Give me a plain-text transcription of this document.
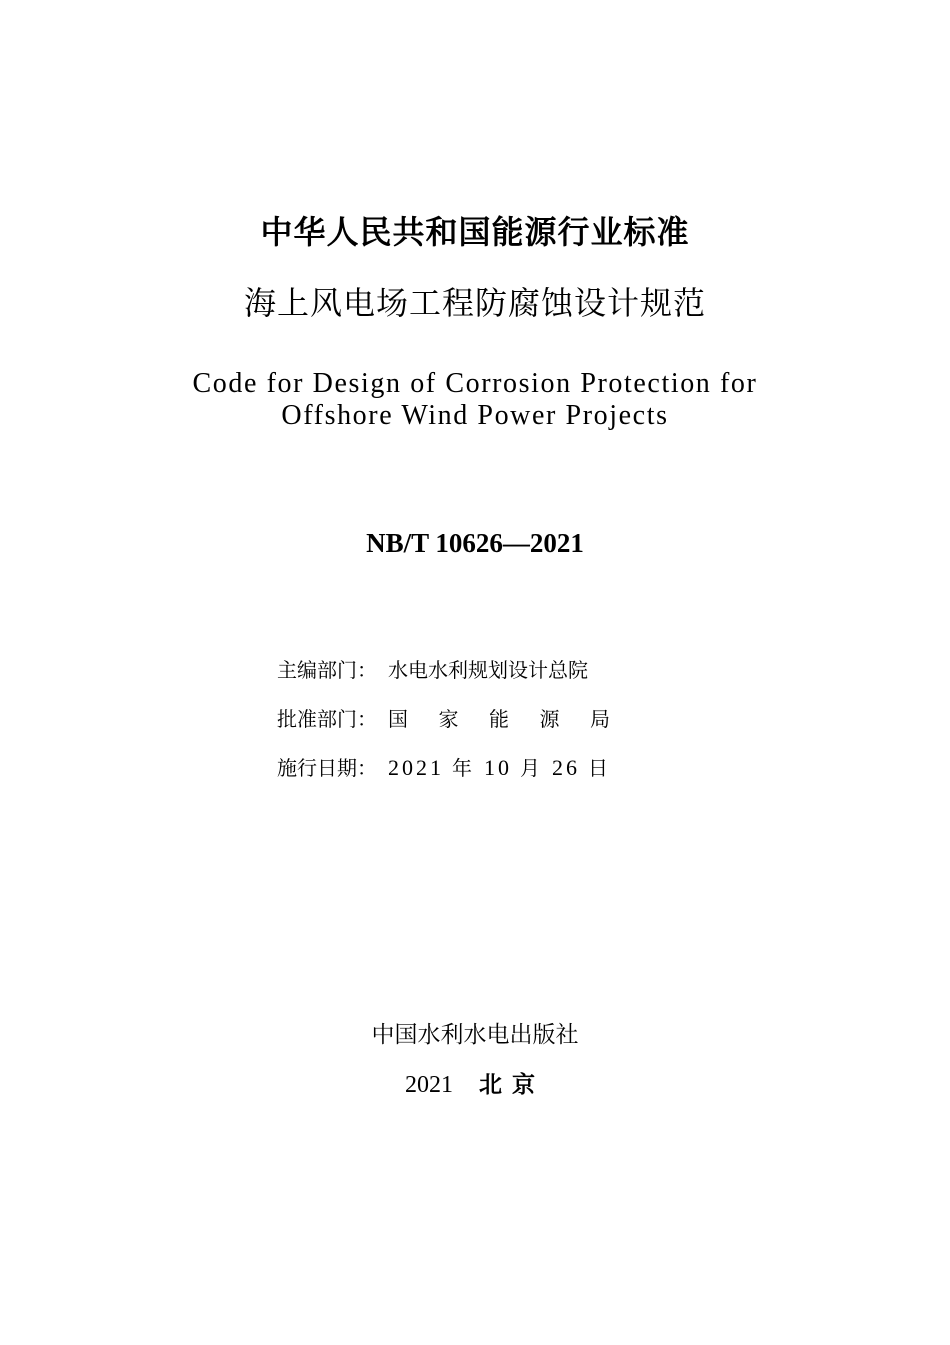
中华人民共和国能源行业标准
海上风电场工程防腐蚀设计规范
Code for Design of Corrosion Protection for
Offshore Wind Power Projects
NB/T 10626—2021
主编部门： 水电水利规划设计总院
批准部门： 国 家 能 源 局
施行日期： 2021 年 10 月 26 日
中国水利水电出版社
2021 北京
